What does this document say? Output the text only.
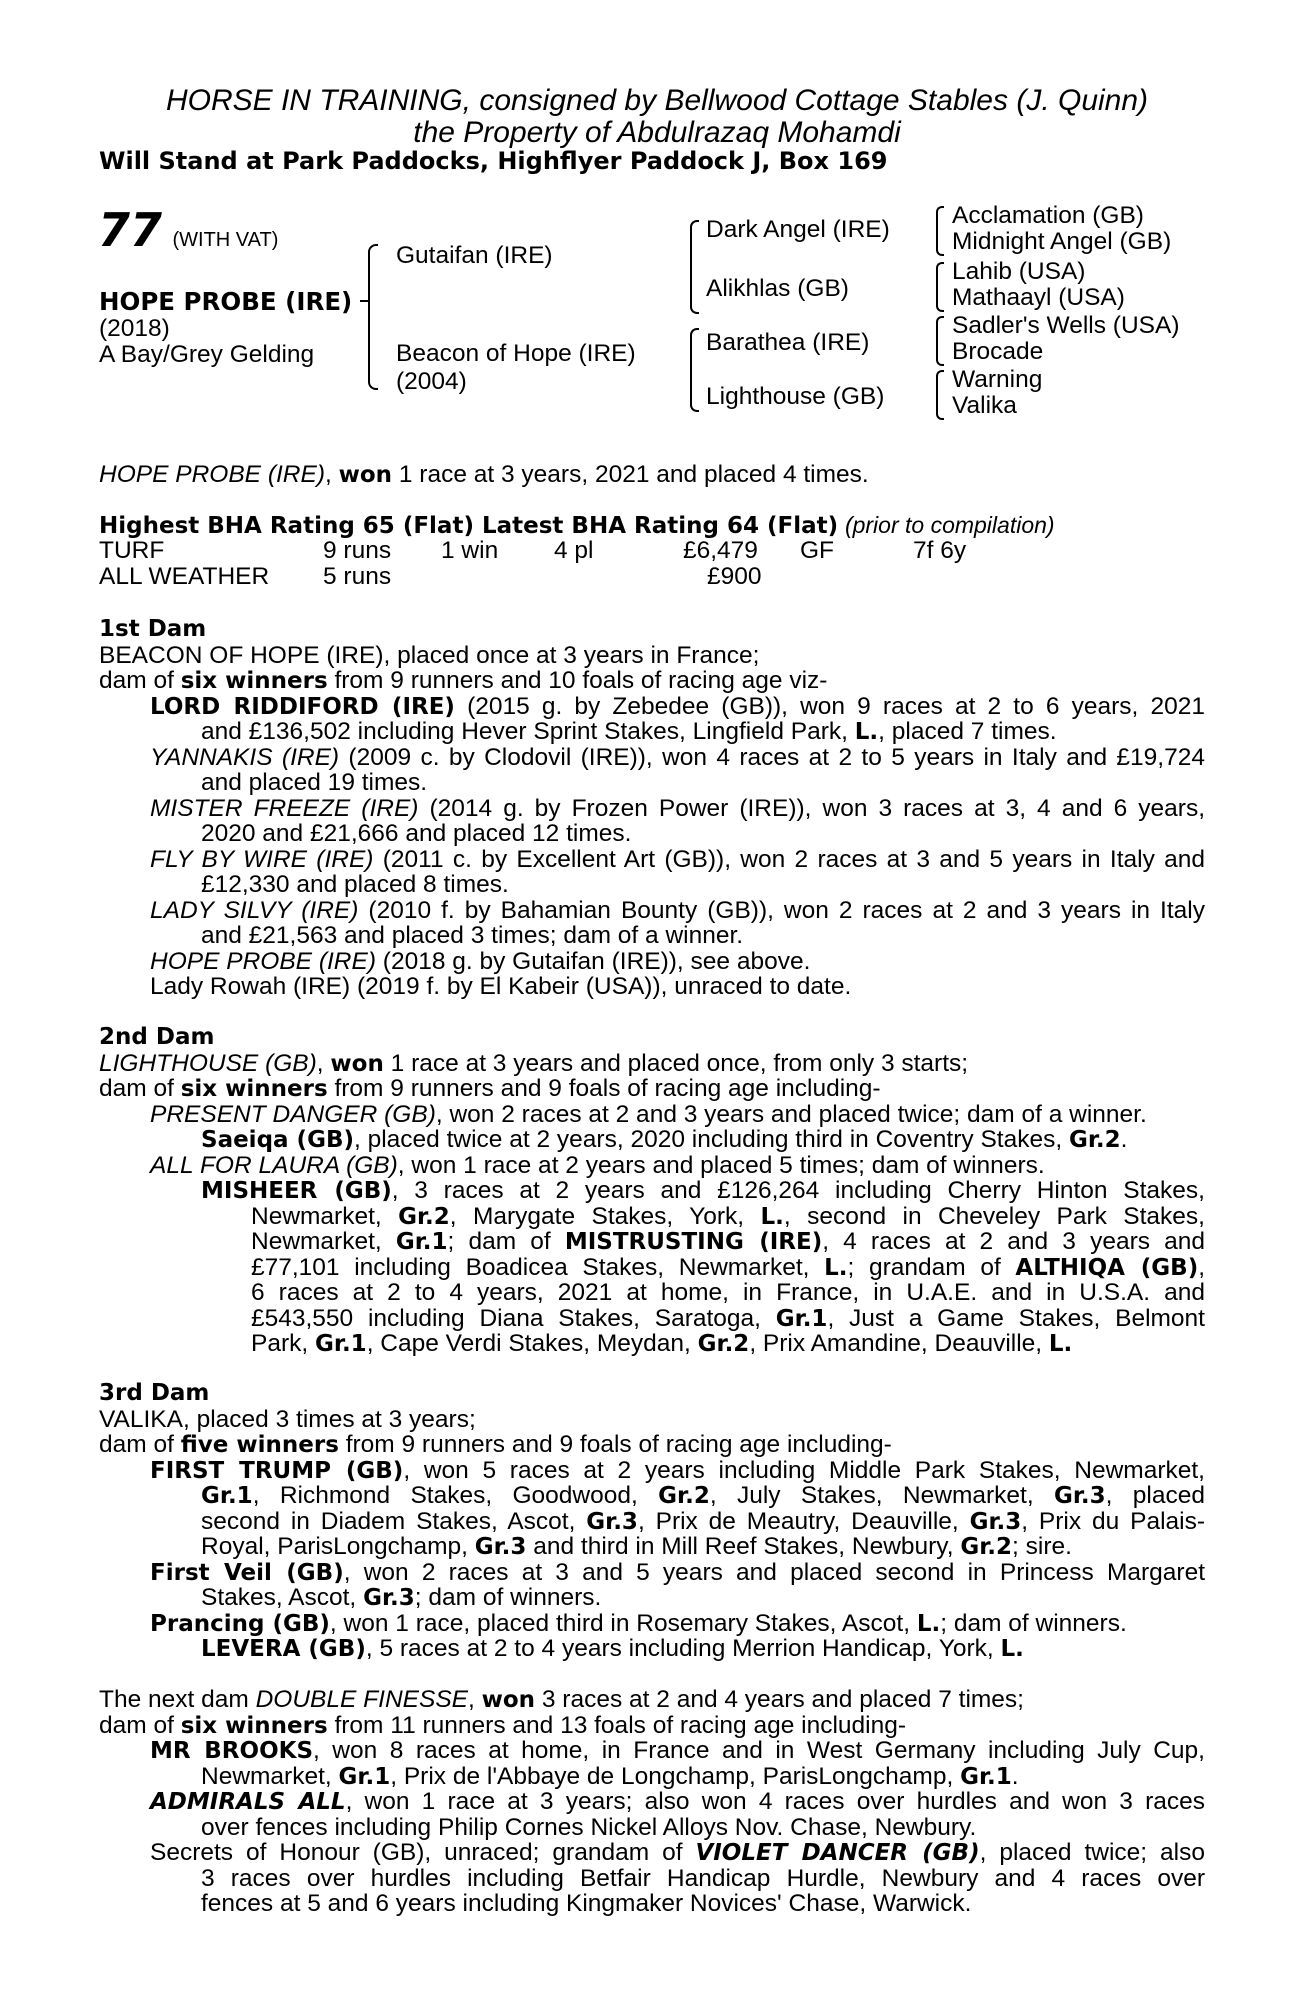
HORSE IN TRAINING, consigned by Bellwood Cottage Stables (J. Quinn)
the Property of Abdulrazaq Mohamdi
Will Stand at Park Paddocks, Highflyer Paddock J, Box 169
77 (WITH VAT)
HOPE PROBE (IRE)
(2018)
A Bay/Grey Gelding
Gutaifan (IRE)
Beacon of Hope (IRE)
(2004)
Dark Angel (IRE)
Alikhlas (GB)
Barathea (IRE)
Lighthouse (GB)
Acclamation (GB)
Midnight Angel (GB)
Lahib (USA)
Mathaayl (USA)
Sadler's Wells (USA)
Brocade
Warning
Valika
HOPE PROBE (IRE), won 1 race at 3 years, 2021 and placed 4 times.
Highest BHA Rating 65 (Flat) Latest BHA Rating 64 (Flat) (prior to compilation)
TURF	9 runs 1 win 4 pl	£6,479 GF	7f 6y
ALL WEATHER 5 runs	£900
1st Dam
BEACON OF HOPE (IRE), placed once at 3 years in France;
dam of six winners from 9 runners and 10 foals of racing age viz-
LORD RIDDIFORD (IRE) (2015 g. by Zebedee (GB)), won 9 races at 2 to 6 years, 2021
and £136,502 including Hever Sprint Stakes, Lingfield Park, L., placed 7 times.
YANNAKIS (IRE) (2009 c. by Clodovil (IRE)), won 4 races at 2 to 5 years in Italy and £19,724
and placed 19 times.
MISTER FREEZE (IRE) (2014 g. by Frozen Power (IRE)), won 3 races at 3, 4 and 6 years,
2020 and £21,666 and placed 12 times.
FLY BY WIRE (IRE) (2011 c. by Excellent Art (GB)), won 2 races at 3 and 5 years in Italy and
£12,330 and placed 8 times.
LADY SILVY (IRE) (2010 f. by Bahamian Bounty (GB)), won 2 races at 2 and 3 years in Italy
and £21,563 and placed 3 times; dam of a winner.
HOPE PROBE (IRE) (2018 g. by Gutaifan (IRE)), see above.
Lady Rowah (IRE) (2019 f. by El Kabeir (USA)), unraced to date.
2nd Dam
LIGHTHOUSE (GB), won 1 race at 3 years and placed once, from only 3 starts;
dam of six winners from 9 runners and 9 foals of racing age including-
PRESENT DANGER (GB), won 2 races at 2 and 3 years and placed twice; dam of a winner.
Saeiqa (GB), placed twice at 2 years, 2020 including third in Coventry Stakes, Gr.2.
ALL FOR LAURA (GB), won 1 race at 2 years and placed 5 times; dam of winners.
MISHEER (GB), 3 races at 2 years and £126,264 including Cherry Hinton Stakes,
Newmarket, Gr.2, Marygate Stakes, York, L., second in Cheveley Park Stakes,
Newmarket, Gr.1; dam of MISTRUSTING (IRE), 4 races at 2 and 3 years and
£77,101 including Boadicea Stakes, Newmarket, L.; grandam of ALTHIQA (GB),
6 races at 2 to 4 years, 2021 at home, in France, in U.A.E. and in U.S.A. and
£543,550 including Diana Stakes, Saratoga, Gr.1, Just a Game Stakes, Belmont
Park, Gr.1, Cape Verdi Stakes, Meydan, Gr.2, Prix Amandine, Deauville, L.
3rd Dam
VALIKA, placed 3 times at 3 years;
dam of five winners from 9 runners and 9 foals of racing age including-
FIRST TRUMP (GB), won 5 races at 2 years including Middle Park Stakes, Newmarket,
Gr.1, Richmond Stakes, Goodwood, Gr.2, July Stakes, Newmarket, Gr.3, placed
second in Diadem Stakes, Ascot, Gr.3, Prix de Meautry, Deauville, Gr.3, Prix du Palais-
Royal, ParisLongchamp, Gr.3 and third in Mill Reef Stakes, Newbury, Gr.2; sire.
First Veil (GB), won 2 races at 3 and 5 years and placed second in Princess Margaret
Stakes, Ascot, Gr.3; dam of winners.
Prancing (GB), won 1 race, placed third in Rosemary Stakes, Ascot, L.; dam of winners.
LEVERA (GB), 5 races at 2 to 4 years including Merrion Handicap, York, L.
The next dam DOUBLE FINESSE, won 3 races at 2 and 4 years and placed 7 times;
dam of six winners from 11 runners and 13 foals of racing age including-
MR BROOKS, won 8 races at home, in France and in West Germany including July Cup,
Newmarket, Gr.1, Prix de l'Abbaye de Longchamp, ParisLongchamp, Gr.1.
ADMIRALS ALL, won 1 race at 3 years; also won 4 races over hurdles and won 3 races
over fences including Philip Cornes Nickel Alloys Nov. Chase, Newbury.
Secrets of Honour (GB), unraced; grandam of VIOLET DANCER (GB), placed twice; also
3 races over hurdles including Betfair Handicap Hurdle, Newbury and 4 races over
fences at 5 and 6 years including Kingmaker Novices' Chase, Warwick.
